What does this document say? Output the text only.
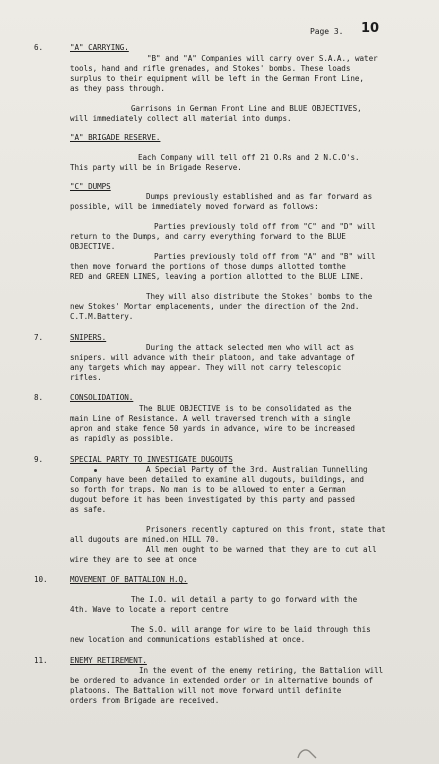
Page 3. 10
6.	"A" CARRYING.
"B" and "A" Companies will carry over S.A.A., water
tools, hand and rifle grenades, and Stokes' bombs. These loads
surplus to their equipment will be left in the German Front Line,
as they pass through.
Garrisons in German Front Line and BLUE OBJECTIVES,
will immediately collect all material into dumps.
"A" BRIGADE RESERVE.
Each Company will tell off 21 O.Rs and 2 N.C.O's.
This party will be in Brigade Reserve.
"C" DUMPS
Dumps previously established and as far forward as
possible, will be immediately moved forward as follows:
Parties previously told off from "C" and "D" will
return to the Dumps, and carry everything forward to the BLUE
OBJECTIVE.
Parties previously told off from "A" and "B" will
then move forward the portions of those dumps allotted tomthe
RED and GREEN LINES, leaving a portion allotted to the BLUE LINE.
They will also distribute the Stokes' bombs to the
new Stokes' Mortar emplacements, under the direction of the 2nd.
C.T.M.Battery.
7.	SNIPERS.
During the attack selected men who will act as
snipers. will advance with their platoon, and take advantage of
any targets which may appear. They will not carry telescopic
rifles.
8.	CONSOLIDATION.
The BLUE OBJECTIVE is to be consolidated as the
main Line of Resistance. A well traversed trench with a single
apron and stake fence 50 yards in advance, wire to be increased
as rapidly as possible.
9.	SPECIAL PARTY TO INVESTIGATE DUGOUTS
A Special Party of the 3rd. Australian Tunnelling
Company have been detailed to examine all dugouts, buildings, and
so forth for traps. No man is to be allowed to enter a German
dugout before it has been investigated by this party and passed
as safe.
Prisoners recently captured on this front, state that
all dugouts are mined.on HILL 70.
All men ought to be warned that they are to cut all
wire they are to see at once
10.	MOVEMENT OF BATTALION H.Q.
The I.O. wil detail a party to go forward with the
4th. Wave to locate a report centre
The S.O. will arange for wire to be laid through this
new location and communications established at once.
11.	ENEMY RETIREMENT.
In the event of the enemy retiring, the Battalion will
be ordered to advance in extended order or in alternative bounds of
platoons. The Battalion will not move forward until definite
orders from Brigade are received.
